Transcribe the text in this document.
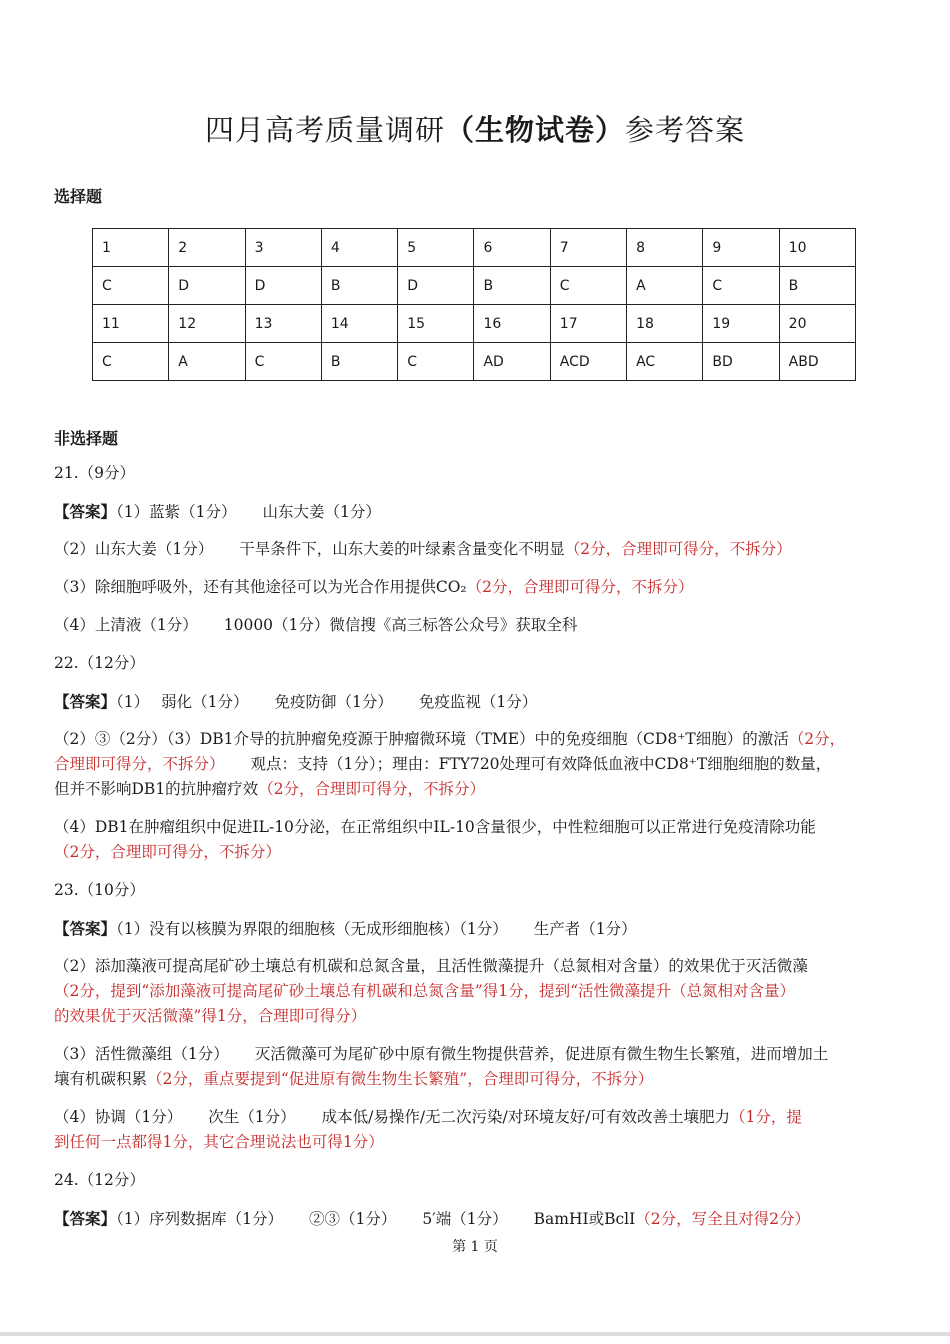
四月高考质量调研（生物试卷）参考答案
选择题
1	2	3	4	5	6	7	8	9	10
C	D	D	B	D	B	C	A	C	B
11	12	13	14	15	16	17	18	19	20
C	A	C	B	C	AD	ACD	AC	BD	ABD
非选择题
21.（9分）
【答案】（1）蓝紫（1分） 山东大姜（1分）
（2）山东大姜（1分） 干旱条件下，山东大姜的叶绿素含量变化不明显（2分，合理即可得分，不拆分）
（3）除细胞呼吸外，还有其他途径可以为光合作用提供CO₂（2分，合理即可得分，不拆分）
（4）上清液（1分） 10000（1分）微信搜《高三标答公众号》获取全科
22.（12分）
【答案】（1） 弱化（1分） 免疫防御（1分） 免疫监视（1分）
（2）③（2分）（3）DB1介导的抗肿瘤免疫源于肿瘤微环境（TME）中的免疫细胞（CD8⁺T细胞）的激活（2分，
合理即可得分，不拆分） 观点：支持（1分）；理由：FTY720处理可有效降低血液中CD8⁺T细胞细胞的数量，
但并不影响DB1的抗肿瘤疗效（2分，合理即可得分，不拆分）
（4）DB1在肿瘤组织中促进IL-10分泌，在正常组织中IL-10含量很少，中性粒细胞可以正常进行免疫清除功能
（2分，合理即可得分，不拆分）
23.（10分）
【答案】（1）没有以核膜为界限的细胞核（无成形细胞核）（1分） 生产者（1分）
（2）添加藻液可提高尾矿砂土壤总有机碳和总氮含量，且活性微藻提升（总氮相对含量）的效果优于灭活微藻
（2分，提到“添加藻液可提高尾矿砂土壤总有机碳和总氮含量”得1分，提到“活性微藻提升（总氮相对含量）
的效果优于灭活微藻”得1分，合理即可得分）
（3）活性微藻组（1分） 灭活微藻可为尾矿砂中原有微生物提供营养，促进原有微生物生长繁殖，进而增加土
壤有机碳积累（2分，重点要提到“促进原有微生物生长繁殖”，合理即可得分，不拆分）
（4）协调（1分） 次生（1分） 成本低/易操作/无二次污染/对环境友好/可有效改善土壤肥力（1分，提
到任何一点都得1分，其它合理说法也可得1分）
24.（12分）
【答案】（1）序列数据库（1分） ②③（1分） 5′端（1分） BamHI或BclI（2分，写全且对得2分）
第 1 页
